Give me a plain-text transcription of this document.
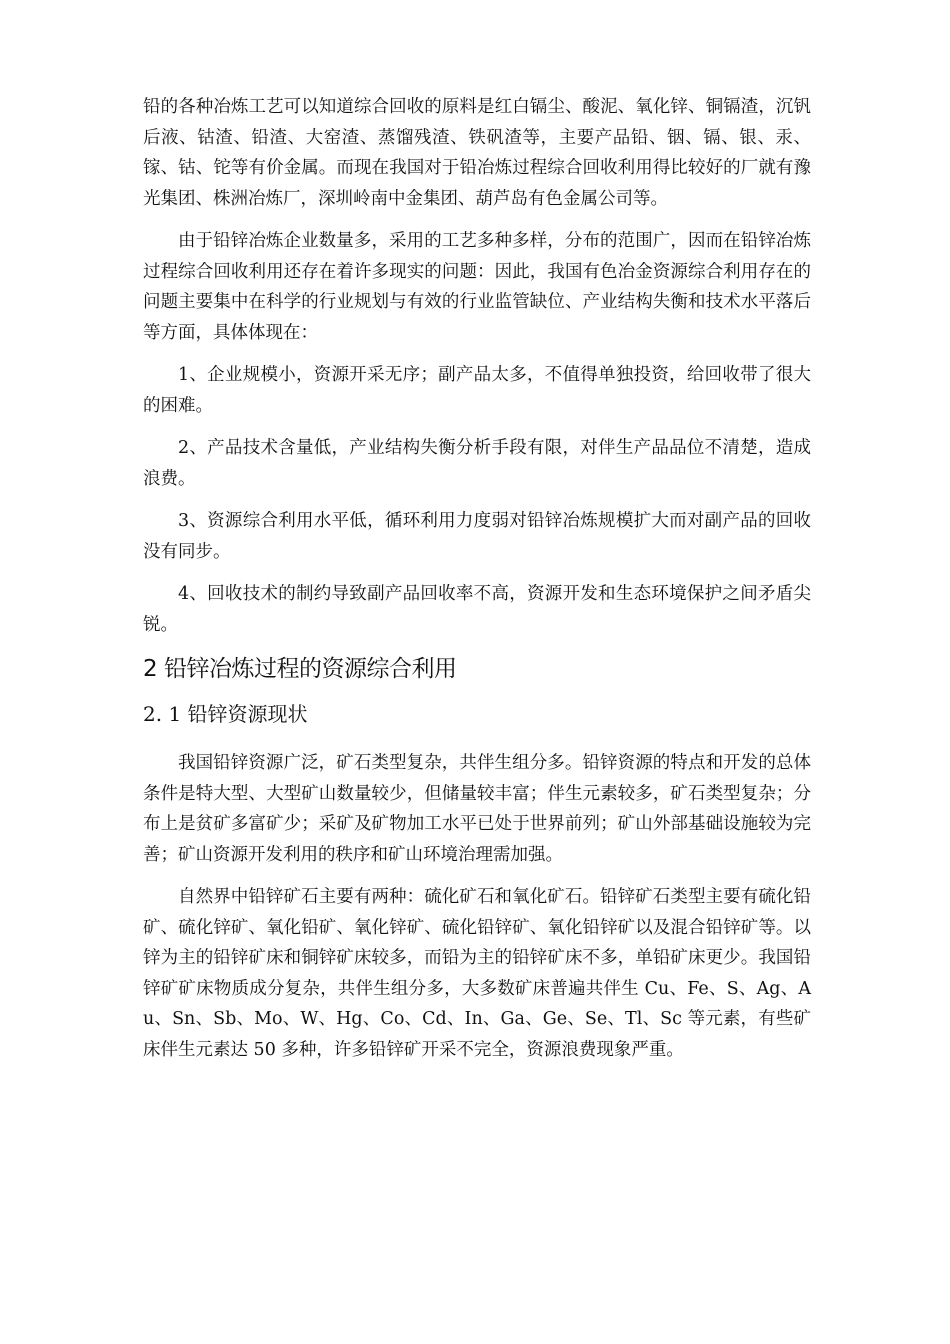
铅的各种冶炼工艺可以知道综合回收的原料是红白镉尘、酸泥、氧化锌、铜镉渣，沉钒后液、钴渣、铅渣、大窑渣、蒸馏残渣、铁矾渣等，主要产品铅、铟、镉、银、汞、镓、钴、铊等有价金属。而现在我国对于铅冶炼过程综合回收利用得比较好的厂就有豫光集团、株洲冶炼厂，深圳岭南中金集团、葫芦岛有色金属公司等。

由于铅锌冶炼企业数量多，采用的工艺多种多样，分布的范围广，因而在铅锌冶炼过程综合回收利用还存在着许多现实的问题：因此，我国有色冶金资源综合利用存在的问题主要集中在科学的行业规划与有效的行业监管缺位、产业结构失衡和技术水平落后等方面，具体体现在：

1、企业规模小，资源开采无序；副产品太多，不值得单独投资，给回收带了很大的困难。

2、产品技术含量低，产业结构失衡分析手段有限，对伴生产品品位不清楚，造成浪费。

3、资源综合利用水平低，循环利用力度弱对铅锌冶炼规模扩大而对副产品的回收没有同步。

4、回收技术的制约导致副产品回收率不高，资源开发和生态环境保护之间矛盾尖锐。

2 铅锌冶炼过程的资源综合利用
2. 1 铅锌资源现状

我国铅锌资源广泛，矿石类型复杂，共伴生组分多。铅锌资源的特点和开发的总体条件是特大型、大型矿山数量较少，但储量较丰富；伴生元素较多，矿石类型复杂；分布上是贫矿多富矿少；采矿及矿物加工水平已处于世界前列；矿山外部基础设施较为完善；矿山资源开发利用的秩序和矿山环境治理需加强。

自然界中铅锌矿石主要有两种：硫化矿石和氧化矿石。铅锌矿石类型主要有硫化铅矿、硫化锌矿、氧化铅矿、氧化锌矿、硫化铅锌矿、氧化铅锌矿以及混合铅锌矿等。以锌为主的铅锌矿床和铜锌矿床较多，而铅为主的铅锌矿床不多，单铅矿床更少。我国铅锌矿矿床物质成分复杂，共伴生组分多，大多数矿床普遍共伴生 Cu、Fe、S、Ag、Au、Sn、Sb、Mo、W、Hg、Co、Cd、In、Ga、Ge、Se、Tl、Sc 等元素，有些矿床伴生元素达 50 多种，许多铅锌矿开采不完全，资源浪费现象严重。
